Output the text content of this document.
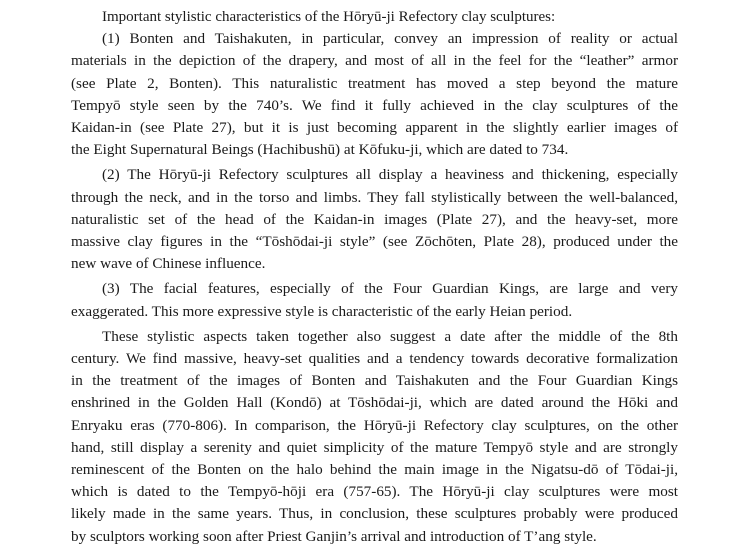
Important stylistic characteristics of the Hōryū-ji Refectory clay sculptures:

(1) Bonten and Taishakuten, in particular, convey an impression of reality or actual
materials in the depiction of the drapery, and most of all in the feel for the “leather” armor
(see Plate 2, Bonten). This naturalistic treatment has moved a step beyond the mature
Tempyō style seen by the 740’s. We find it fully achieved in the clay sculptures of the
Kaidan-in (see Plate 27), but it is just becoming apparent in the slightly earlier images of
the Eight Supernatural Beings (Hachibushū) at Kōfuku-ji, which are dated to 734.

(2) The Hōryū-ji Refectory sculptures all display a heaviness and thickening, especially
through the neck, and in the torso and limbs. They fall stylistically between the well-balanced,
naturalistic set of the head of the Kaidan-in images (Plate 27), and the heavy-set, more
massive clay figures in the “Tōshōdai-ji style” (see Zōchōten, Plate 28), produced under the
new wave of Chinese influence.

(3) The facial features, especially of the Four Guardian Kings, are large and very
exaggerated. This more expressive style is characteristic of the early Heian period.

These stylistic aspects taken together also suggest a date after the middle of the 8th
century. We find massive, heavy-set qualities and a tendency towards decorative formalization
in the treatment of the images of Bonten and Taishakuten and the Four Guardian Kings
enshrined in the Golden Hall (Kondō) at Tōshōdai-ji, which are dated around the Hōki and
Enryaku eras (770-806). In comparison, the Hōryū-ji Refectory clay sculptures, on the other
hand, still display a serenity and quiet simplicity of the mature Tempyō style and are strongly
reminescent of the Bonten on the halo behind the main image in the Nigatsu-dō of Tōdai-ji,
which is dated to the Tempyō-hōji era (757-65). The Hōryū-ji clay sculptures were most
likely made in the same years. Thus, in conclusion, these sculptures probably were produced
by sculptors working soon after Priest Ganjin’s arrival and introduction of T’ang style.
